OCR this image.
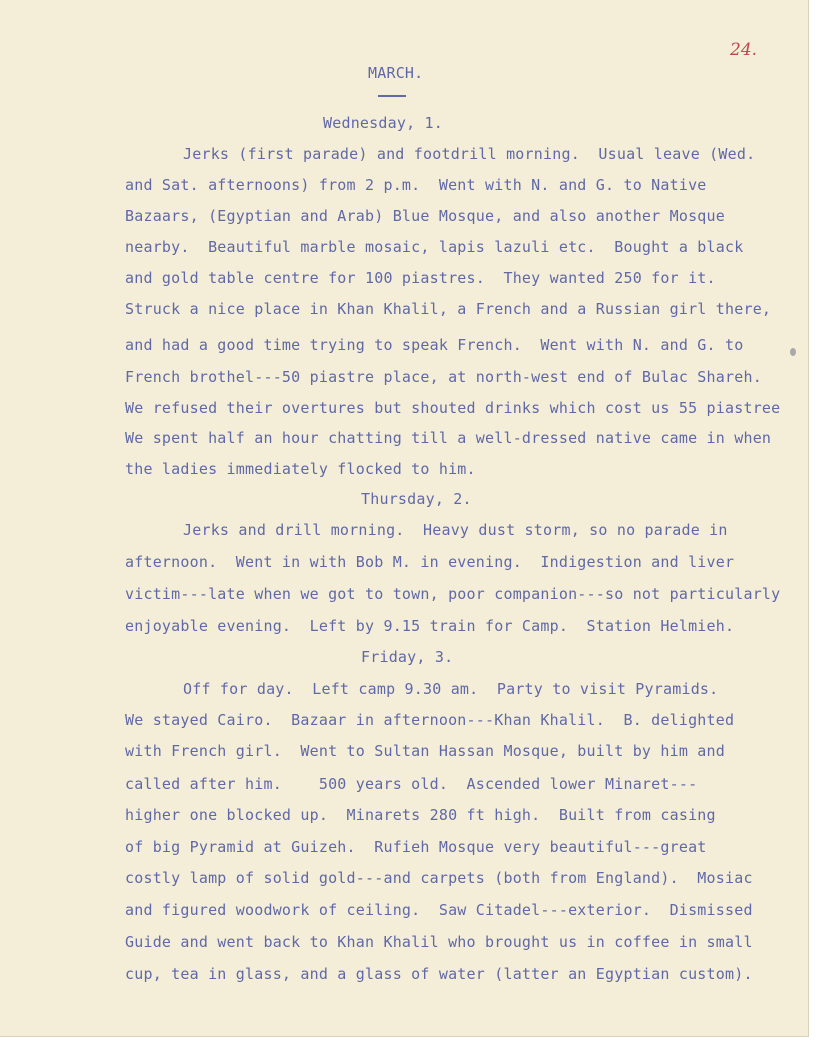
24.
MARCH.
Wednesday, 1.
Jerks (first parade) and footdrill morning.  Usual leave (Wed.
and Sat. afternoons) from 2 p.m.  Went with N. and G. to Native
Bazaars, (Egyptian and Arab) Blue Mosque, and also another Mosque
nearby.  Beautiful marble mosaic, lapis lazuli etc.  Bought a black
and gold table centre for 100 piastres.  They wanted 250 for it.
Struck a nice place in Khan Khalil, a French and a Russian girl there,
and had a good time trying to speak French.  Went with N. and G. to
French brothel---50 piastre place, at north-west end of Bulac Shareh.
We refused their overtures but shouted drinks which cost us 55 piastree
We spent half an hour chatting till a well-dressed native came in when
the ladies immediately flocked to him.
Thursday, 2.
Jerks and drill morning.  Heavy dust storm, so no parade in
afternoon.  Went in with Bob M. in evening.  Indigestion and liver
victim---late when we got to town, poor companion---so not particularly
enjoyable evening.  Left by 9.15 train for Camp.  Station Helmieh.
Friday, 3.
Off for day.  Left camp 9.30 am.  Party to visit Pyramids.
We stayed Cairo.  Bazaar in afternoon---Khan Khalil.  B. delighted
with French girl.  Went to Sultan Hassan Mosque, built by him and
called after him.    500 years old.  Ascended lower Minaret---
higher one blocked up.  Minarets 280 ft high.  Built from casing
of big Pyramid at Guizeh.  Rufieh Mosque very beautiful---great
costly lamp of solid gold---and carpets (both from England).  Mosiac
and figured woodwork of ceiling.  Saw Citadel---exterior.  Dismissed
Guide and went back to Khan Khalil who brought us in coffee in small
cup, tea in glass, and a glass of water (latter an Egyptian custom).
